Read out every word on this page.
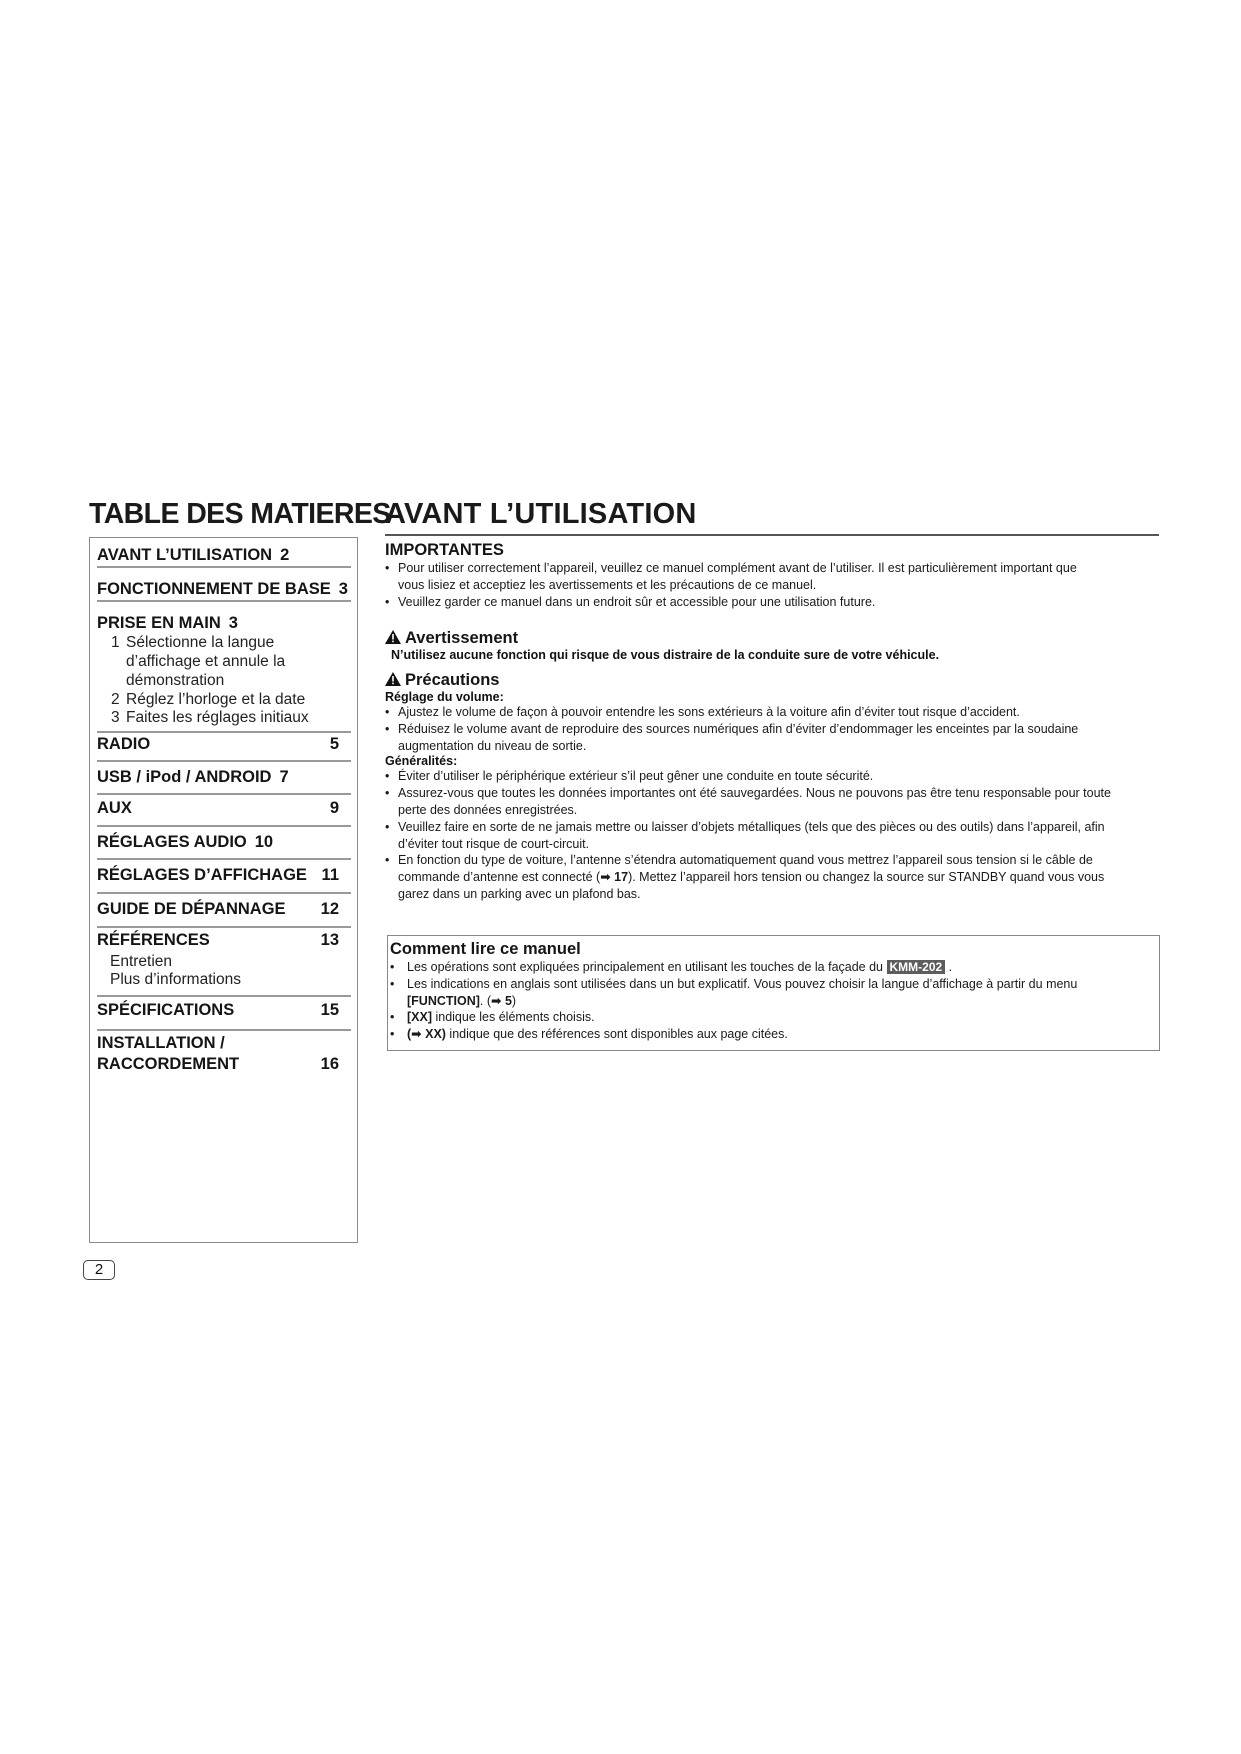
TABLE DES MATIERES
AVANT L’UTILISATION
AVANT L’UTILISATION 2
FONCTIONNEMENT DE BASE 3
PRISE EN MAIN 3
1 Sélectionne la langue
d’affichage et annule la
démonstration
2 Réglez l’horloge et la date
3 Faites les réglages initiaux
RADIO	5
USB / iPod / ANDROID 7
AUX	9
RÉGLAGES AUDIO 10
RÉGLAGES D’AFFICHAGE 11
GUIDE DE DÉPANNAGE 12
RÉFÉRENCES	13
Entretien
Plus d’informations
SPÉCIFICATIONS	15
INSTALLATION /
RACCORDEMENT	16
IMPORTANTES
• Pour utiliser correctement l’appareil, veuillez ce manuel complément avant de l’utiliser. Il est particulièrement important que
vous lisiez et acceptiez les avertissements et les précautions de ce manuel.
• Veuillez garder ce manuel dans un endroit sûr et accessible pour une utilisation future.
Avertissement
N’utilisez aucune fonction qui risque de vous distraire de la conduite sure de votre véhicule.
Précautions
Réglage du volume:
• Ajustez le volume de façon à pouvoir entendre les sons extérieurs à la voiture afin d’éviter tout risque d’accident.
• Réduisez le volume avant de reproduire des sources numériques afin d’éviter d’endommager les enceintes par la soudaine
augmentation du niveau de sortie.
Généralités:
• Éviter d’utiliser le périphérique extérieur s’il peut gêner une conduite en toute sécurité.
• Assurez-vous que toutes les données importantes ont été sauvegardées. Nous ne pouvons pas être tenu responsable pour toute
perte des données enregistrées.
• Veuillez faire en sorte de ne jamais mettre ou laisser d’objets métalliques (tels que des pièces ou des outils) dans l’appareil, afin
d’éviter tout risque de court-circuit.
• En fonction du type de voiture, l’antenne s’étendra automatiquement quand vous mettrez l’appareil sous tension si le câble de
commande d’antenne est connecté (➡ 17). Mettez l’appareil hors tension ou changez la source sur STANDBY quand vous vous
garez dans un parking avec un plafond bas.
Comment lire ce manuel
• Les opérations sont expliquées principalement en utilisant les touches de la façade du KMM-202 .
• Les indications en anglais sont utilisées dans un but explicatif. Vous pouvez choisir la langue d’affichage à partir du menu
[FUNCTION]. (➡ 5)
• [XX] indique les éléments choisis.
• (➡ XX) indique que des références sont disponibles aux page citées.
2
